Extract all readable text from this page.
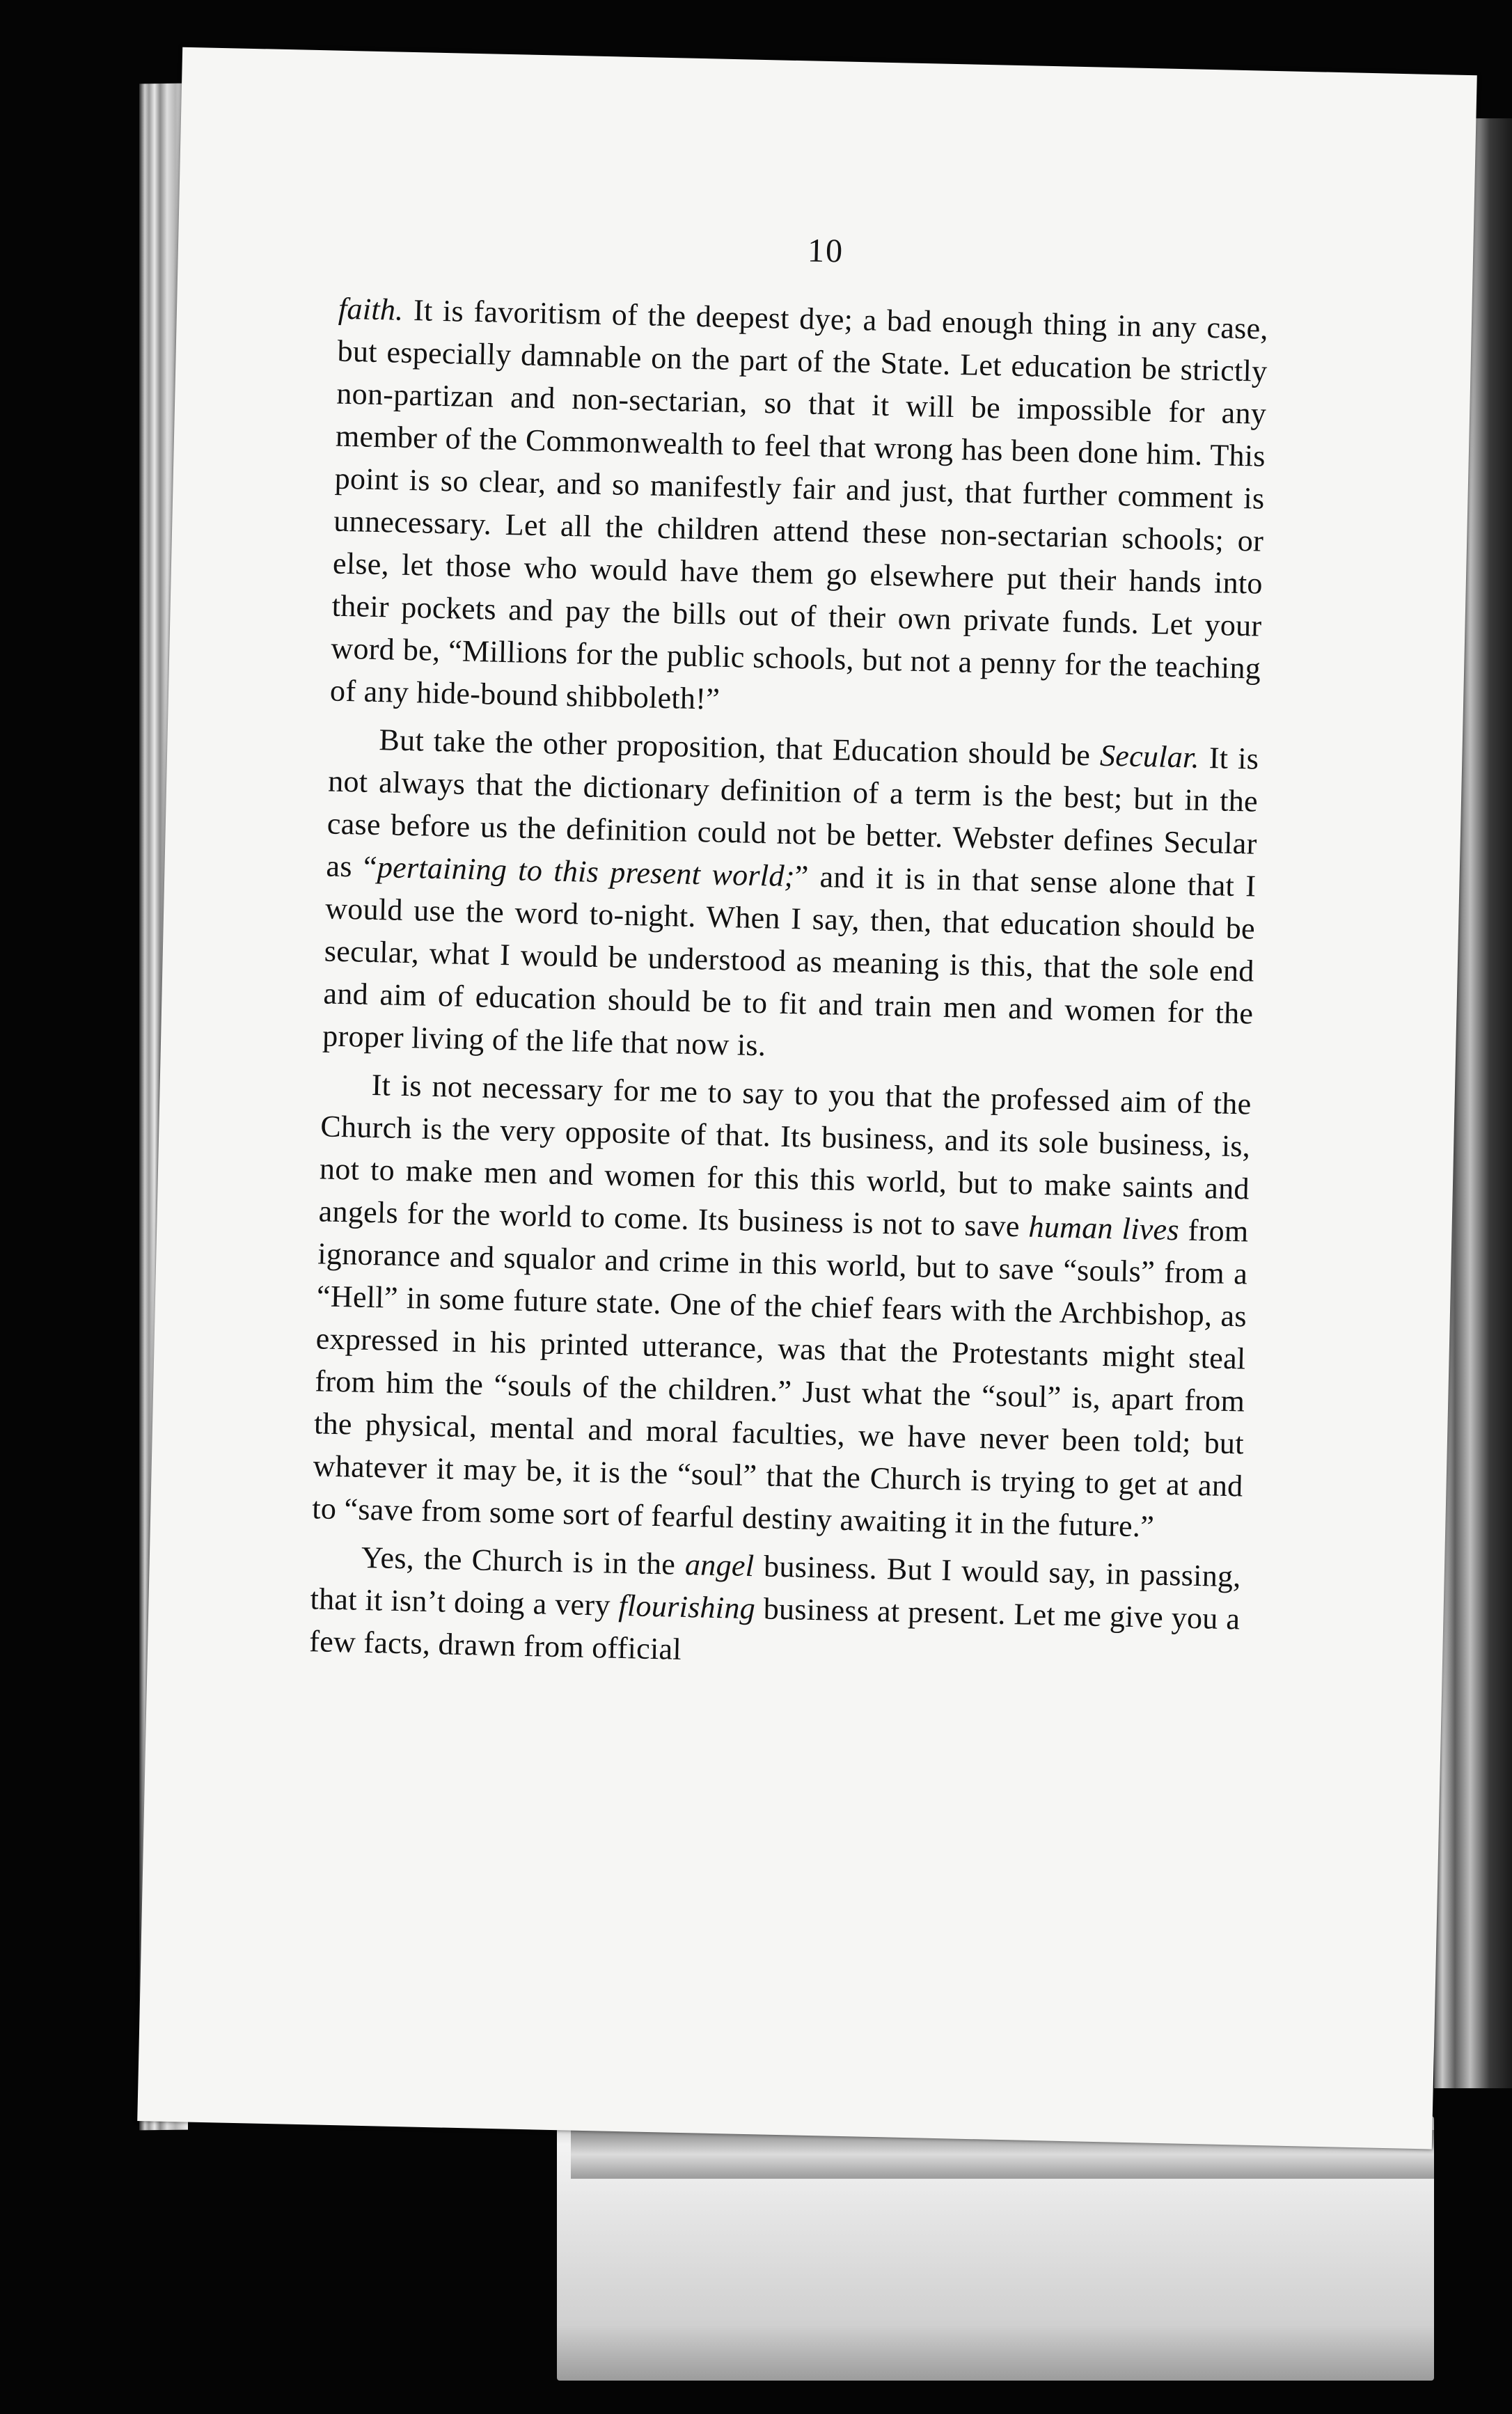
10

faith. It is favoritism of the deepest dye; a bad enough thing in any case, but especially damnable on the part of the State. Let education be strictly non-partizan and non-sectarian, so that it will be impossible for any member of the Commonwealth to feel that wrong has been done him. This point is so clear, and so manifestly fair and just, that further comment is unnecessary. Let all the children attend these non-sectarian schools; or else, let those who would have them go elsewhere put their hands into their pockets and pay the bills out of their own private funds. Let your word be, “Millions for the public schools, but not a penny for the teaching of any hide-bound shibboleth!”

But take the other proposition, that Education should be Secular. It is not always that the dictionary definition of a term is the best; but in the case before us the definition could not be better. Webster defines Secular as “pertaining to this present world;” and it is in that sense alone that I would use the word to-night. When I say, then, that education should be secular, what I would be understood as meaning is this, that the sole end and aim of education should be to fit and train men and women for the proper living of the life that now is.

It is not necessary for me to say to you that the professed aim of the Church is the very opposite of that. Its business, and its sole business, is, not to make men and women for this this world, but to make saints and angels for the world to come. Its business is not to save human lives from ignorance and squalor and crime in this world, but to save “souls” from a “Hell” in some future state. One of the chief fears with the Archbishop, as expressed in his printed utterance, was that the Protestants might steal from him the “souls of the children.” Just what the “soul” is, apart from the physical, mental and moral faculties, we have never been told; but whatever it may be, it is the “soul” that the Church is trying to get at and to “save from some sort of fearful destiny awaiting it in the future.”

Yes, the Church is in the angel business. But I would say, in passing, that it isn’t doing a very flourishing business at present. Let me give you a few facts, drawn from official
